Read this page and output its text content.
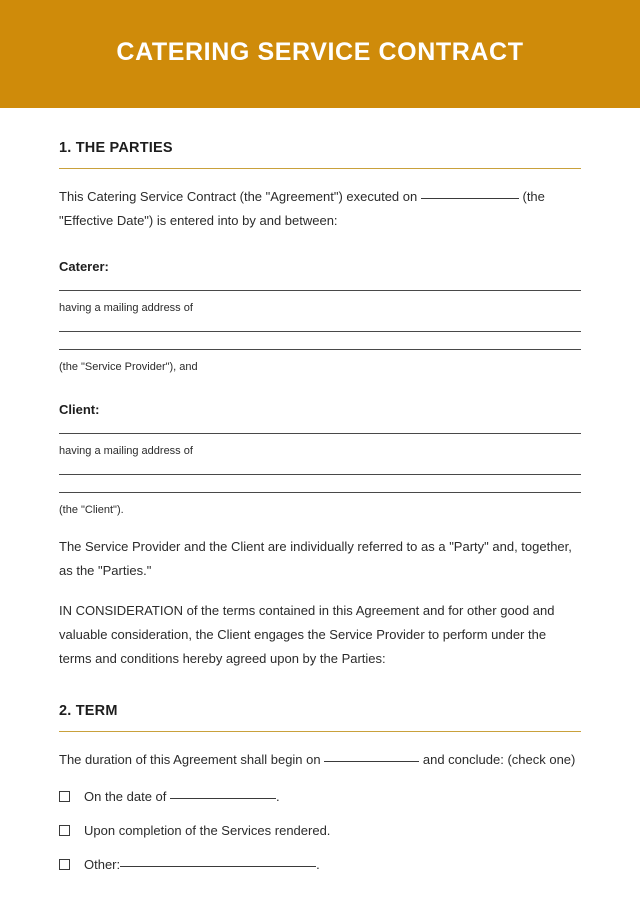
CATERING SERVICE CONTRACT
1. THE PARTIES

This Catering Service Contract (the "Agreement") executed on	(the "Effective Date") is entered into by and between:

Caterer:

having a mailing address of

(the "Service Provider"), and

Client:

having a mailing address of

(the "Client").

The Service Provider and the Client are individually referred to as a "Party" and, together, as the "Parties."

IN CONSIDERATION of the terms contained in this Agreement and for other good and valuable consideration, the Client engages the Service Provider to perform under the terms and conditions hereby agreed upon by the Parties:

2. TERM

The duration of this Agreement shall begin on	and conclude: (check one)

On the date of	.
Upon completion of the Services rendered.
Other:	.
